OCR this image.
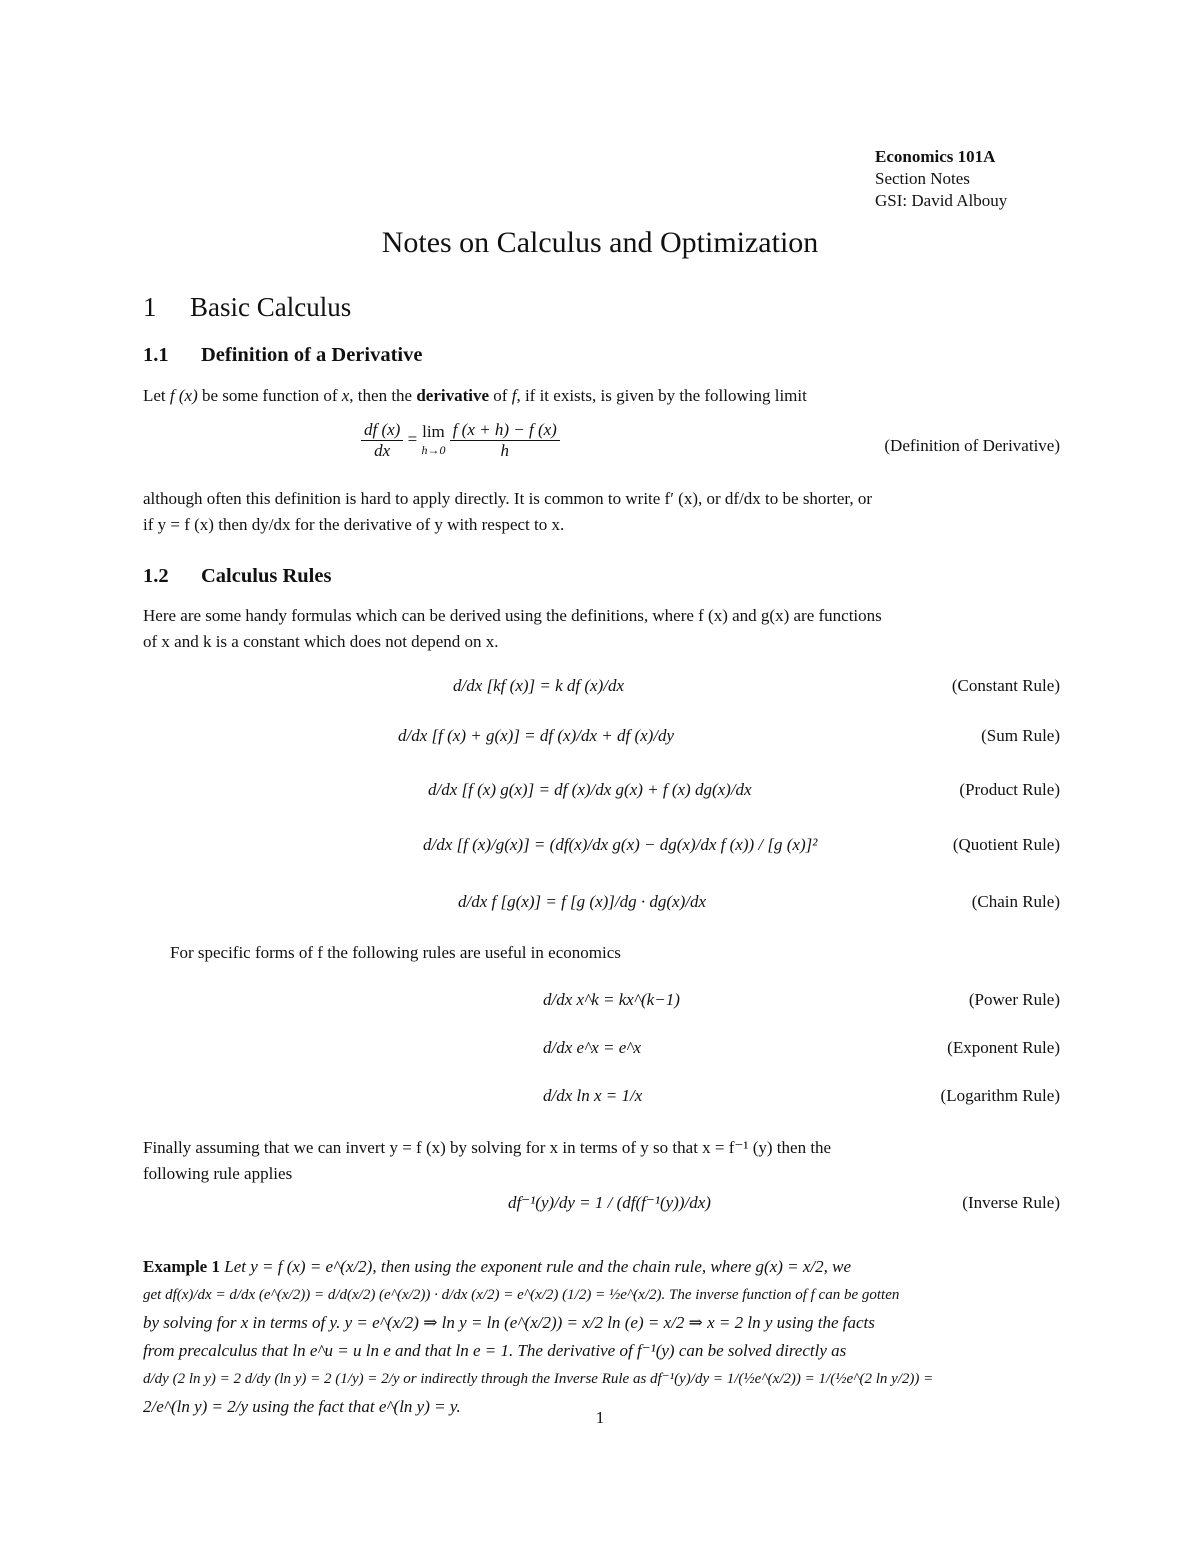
Economics 101A
Section Notes
GSI: David Albouy
Notes on Calculus and Optimization
1 Basic Calculus
1.1 Definition of a Derivative
Let f (x) be some function of x, then the derivative of f, if it exists, is given by the following limit
$\frac{df (x)}{dx} = \lim$
h→0
$\frac{f (x + h) - f (x)}{h}$	(Definition of Derivative)
although often this definition is hard to apply directly. It is common to write f′ (x), or df/dx to be shorter, or
if y = f (x) then dy/dx for the derivative of y with respect to x.
1.2 Calculus Rules
Here are some handy formulas which can be derived using the definitions, where f (x) and g(x) are functions
of x and k is a constant which does not depend on x.
d/dx [kf (x)] = k df (x)/dx	(Constant Rule)
d/dx [f (x) + g(x)] = df (x)/dx + df (x)/dy	(Sum Rule)
d/dx [f (x) g(x)] = df (x)/dx g(x) + f (x) dg(x)/dx	(Product Rule)
d/dx [f (x)/g(x)] = (df(x)/dx g(x) − dg(x)/dx f (x)) / [g (x)]²	(Quotient Rule)
d/dx f [g(x)] = f [g (x)]/dg · dg(x)/dx	(Chain Rule)
For specific forms of f the following rules are useful in economics
d/dx x^k = kx^(k−1)	(Power Rule)
d/dx e^x = e^x	(Exponent Rule)
d/dx ln x = 1/x	(Logarithm Rule)
Finally assuming that we can invert y = f (x) by solving for x in terms of y so that x = f⁻¹ (y) then the
following rule applies
df⁻¹(y)/dy = 1 / (df(f⁻¹(y))/dx)	(Inverse Rule)
Example 1 Let y = f (x) = e^(x/2), then using the exponent rule and the chain rule, where g(x) = x/2, we
get df(x)/dx = d/dx (e^(x/2)) = d/d(x/2) (e^(x/2)) · d/dx (x/2) = e^(x/2) (1/2) = ½e^(x/2). The inverse function of f can be gotten
by solving for x in terms of y. y = e^(x/2) ⇒ ln y = ln (e^(x/2)) = x/2 ln (e) = x/2 ⇒ x = 2 ln y using the facts
from precalculus that ln e^u = u ln e and that ln e = 1. The derivative of f⁻¹(y) can be solved directly as
d/dy (2 ln y) = 2 d/dy (ln y) = 2 (1/y) = 2/y or indirectly through the Inverse Rule as df⁻¹(y)/dy = 1/(½e^(x/2)) = 1/(½e^(2 ln y/2)) =
2/e^(ln y) = 2/y using the fact that e^(ln y) = y.
1
